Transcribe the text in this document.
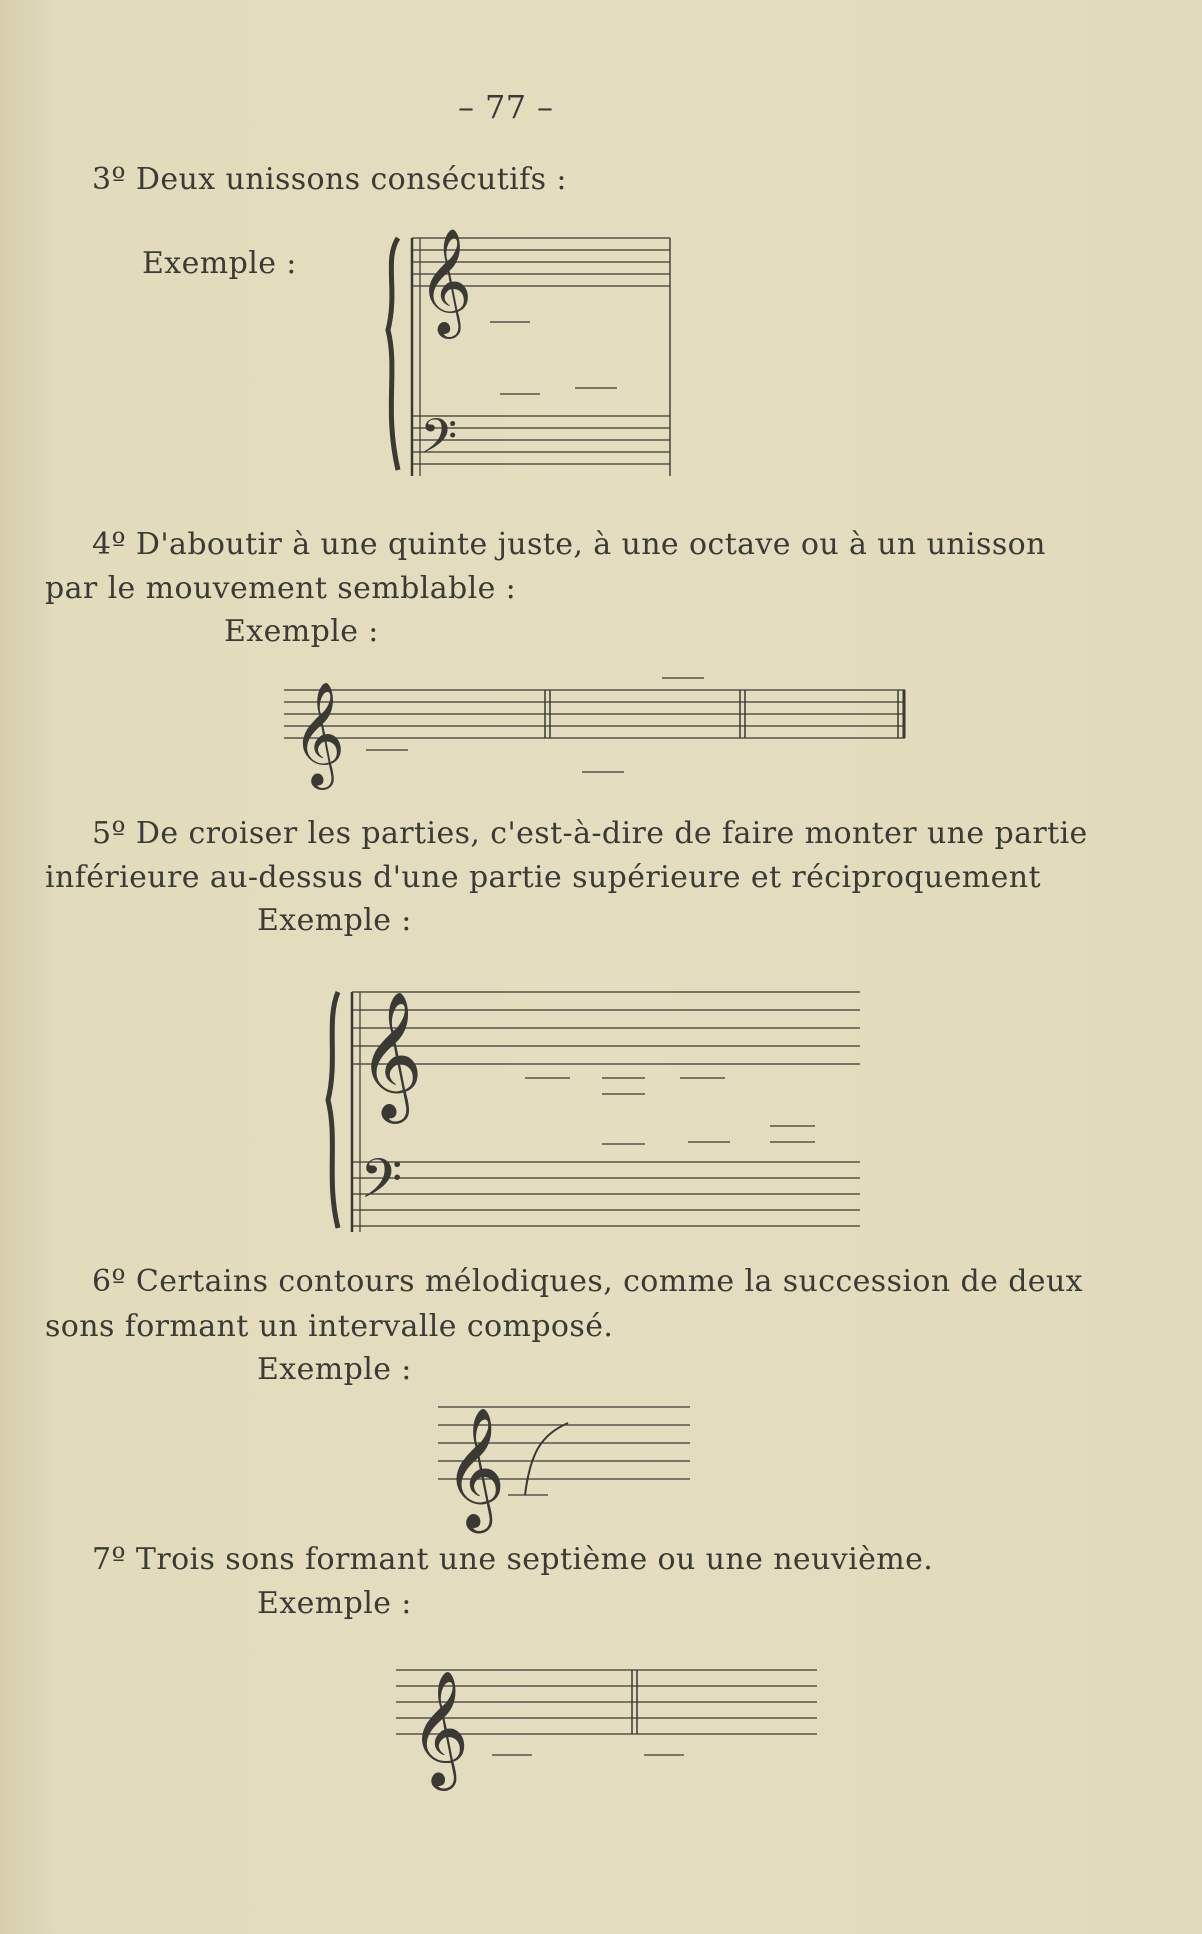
– 77 –
3º Deux unissons consécutifs :
Exemple : 𝄞
𝄢
4º D'aboutir à une quinte juste, à une octave ou à un unisson
par le mouvement semblable :
Exemple :
𝄞
5º De croiser les parties, c'est-à-dire de faire monter une partie
inférieure au-dessus d'une partie supérieure et réciproquement
Exemple :
𝄞
𝄢
6º Certains contours mélodiques, comme la succession de deux
sons formant un intervalle composé.
Exemple :
𝄞
7º Trois sons formant une septième ou une neuvième.
Exemple :
𝄞
